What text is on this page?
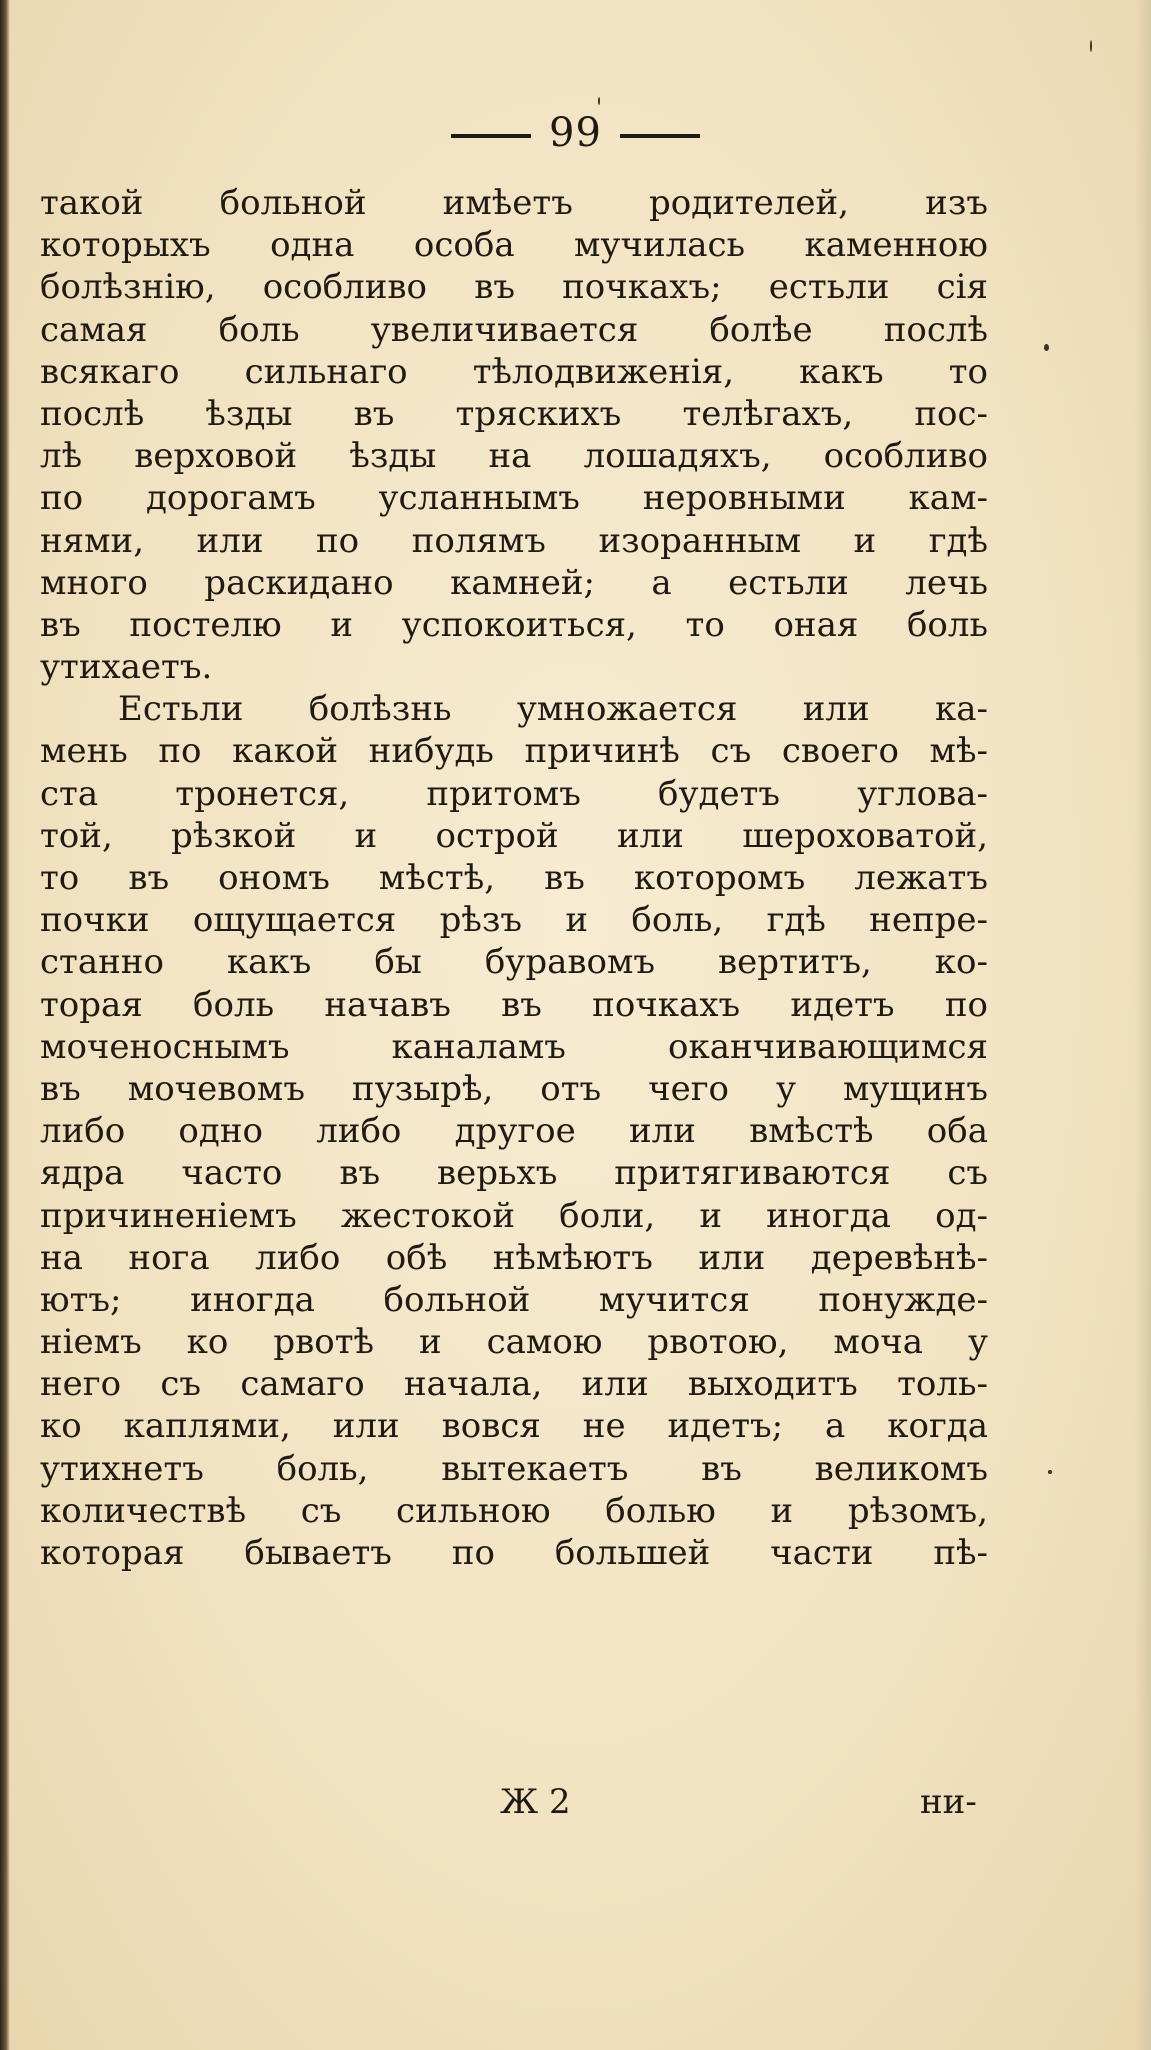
99
такой больной имѣетъ родителей, изъ
которыхъ одна особа мучилась каменною
болѣзнію, особливо въ почкахъ; естьли сія
самая боль увеличивается болѣе послѣ
всякаго сильнаго тѣлодвиженія, какъ то
послѣ ѣзды въ тряскихъ телѣгахъ, пос-
лѣ верховой ѣзды на лошадяхъ, особливо
по дорогамъ усланнымъ неровными кам-
нями, или по полямъ изоранным и гдѣ
много раскидано камней; а естьли лечь
въ постелю и успокоиться, то оная боль
утихаетъ.
Естьли болѣзнь умножается или ка-
мень по какой нибудь причинѣ съ своего мѣ-
ста тронется, притомъ будетъ углова-
той, рѣзкой и острой или шероховатой,
то въ ономъ мѣстѣ, въ которомъ лежатъ
почки ощущается рѣзъ и боль, гдѣ непре-
станно какъ бы буравомъ вертитъ, ко-
торая боль начавъ въ почкахъ идетъ по
моченоснымъ каналамъ оканчивающимся
въ мочевомъ пузырѣ, отъ чего у мущинъ
либо одно либо другое или вмѣстѣ оба
ядра часто въ верьхъ притягиваются съ
причиненіемъ жестокой боли, и иногда од-
на нога либо обѣ нѣмѣютъ или деревѣнѣ-
ютъ; иногда больной мучится понужде-
ніемъ ко рвотѣ и самою рвотою, моча у
него съ самаго начала, или выходитъ толь-
ко каплями, или вовся не идетъ; а когда
утихнетъ боль, вытекаетъ въ великомъ
количествѣ съ сильною болью и рѣзомъ,
которая бываетъ по большей части пѣ-
Ж 2	ни-
